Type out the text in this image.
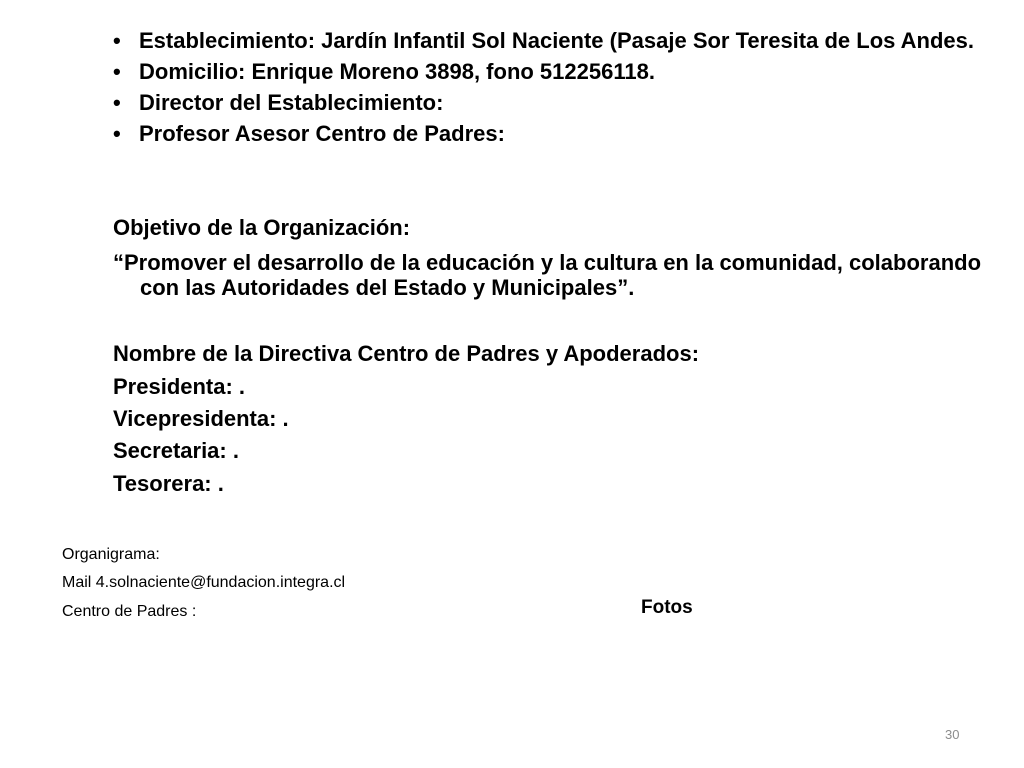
• Establecimiento: Jardín Infantil Sol Naciente (Pasaje Sor Teresita de Los Andes.
• Domicilio: Enrique Moreno 3898, fono 512256118.
• Director del Establecimiento:
• Profesor Asesor Centro de Padres:
Objetivo de la Organización:
“Promover el desarrollo de la educación y la cultura en la comunidad, colaborando con las Autoridades del Estado y Municipales”.
Nombre de la Directiva Centro de Padres y Apoderados:
Presidenta: .
Vicepresidenta: .
Secretaria: .
Tesorera: .
Organigrama:
Mail 4.solnaciente@fundacion.integra.cl
Centro de Padres :	Fotos
30
